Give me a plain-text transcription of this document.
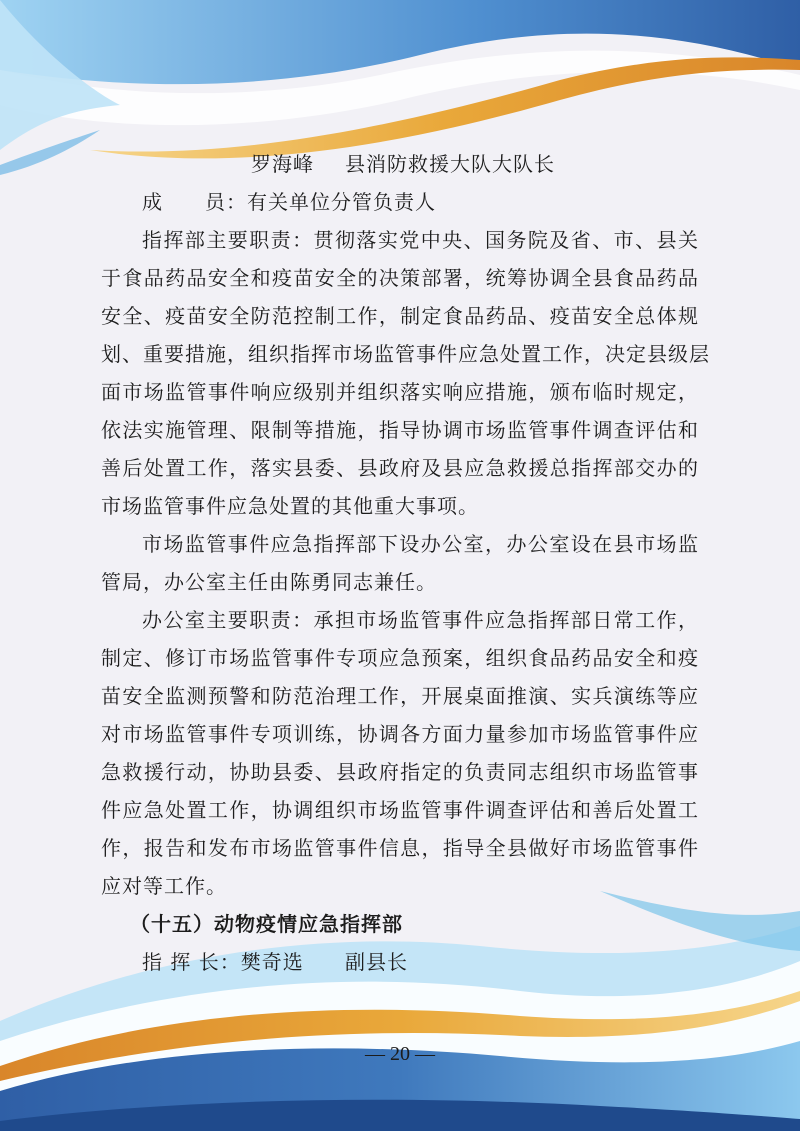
罗海峰 县消防救援大队大队长
成　　员：有关单位分管负责人
指挥部主要职责：贯彻落实党中央、国务院及省、市、县关
于食品药品安全和疫苗安全的决策部署，统筹协调全县食品药品
安全、疫苗安全防范控制工作，制定食品药品、疫苗安全总体规
划、重要措施，组织指挥市场监管事件应急处置工作，决定县级层
面市场监管事件响应级别并组织落实响应措施，颁布临时规定，
依法实施管理、限制等措施，指导协调市场监管事件调查评估和
善后处置工作，落实县委、县政府及县应急救援总指挥部交办的
市场监管事件应急处置的其他重大事项。
市场监管事件应急指挥部下设办公室，办公室设在县市场监
管局，办公室主任由陈勇同志兼任。
办公室主要职责：承担市场监管事件应急指挥部日常工作，
制定、修订市场监管事件专项应急预案，组织食品药品安全和疫
苗安全监测预警和防范治理工作，开展桌面推演、实兵演练等应
对市场监管事件专项训练，协调各方面力量参加市场监管事件应
急救援行动，协助县委、县政府指定的负责同志组织市场监管事
件应急处置工作，协调组织市场监管事件调查评估和善后处置工
作，报告和发布市场监管事件信息，指导全县做好市场监管事件
应对等工作。
（十五）动物疫情应急指挥部
指 挥 长：樊奇选 副县长
— 20 —
